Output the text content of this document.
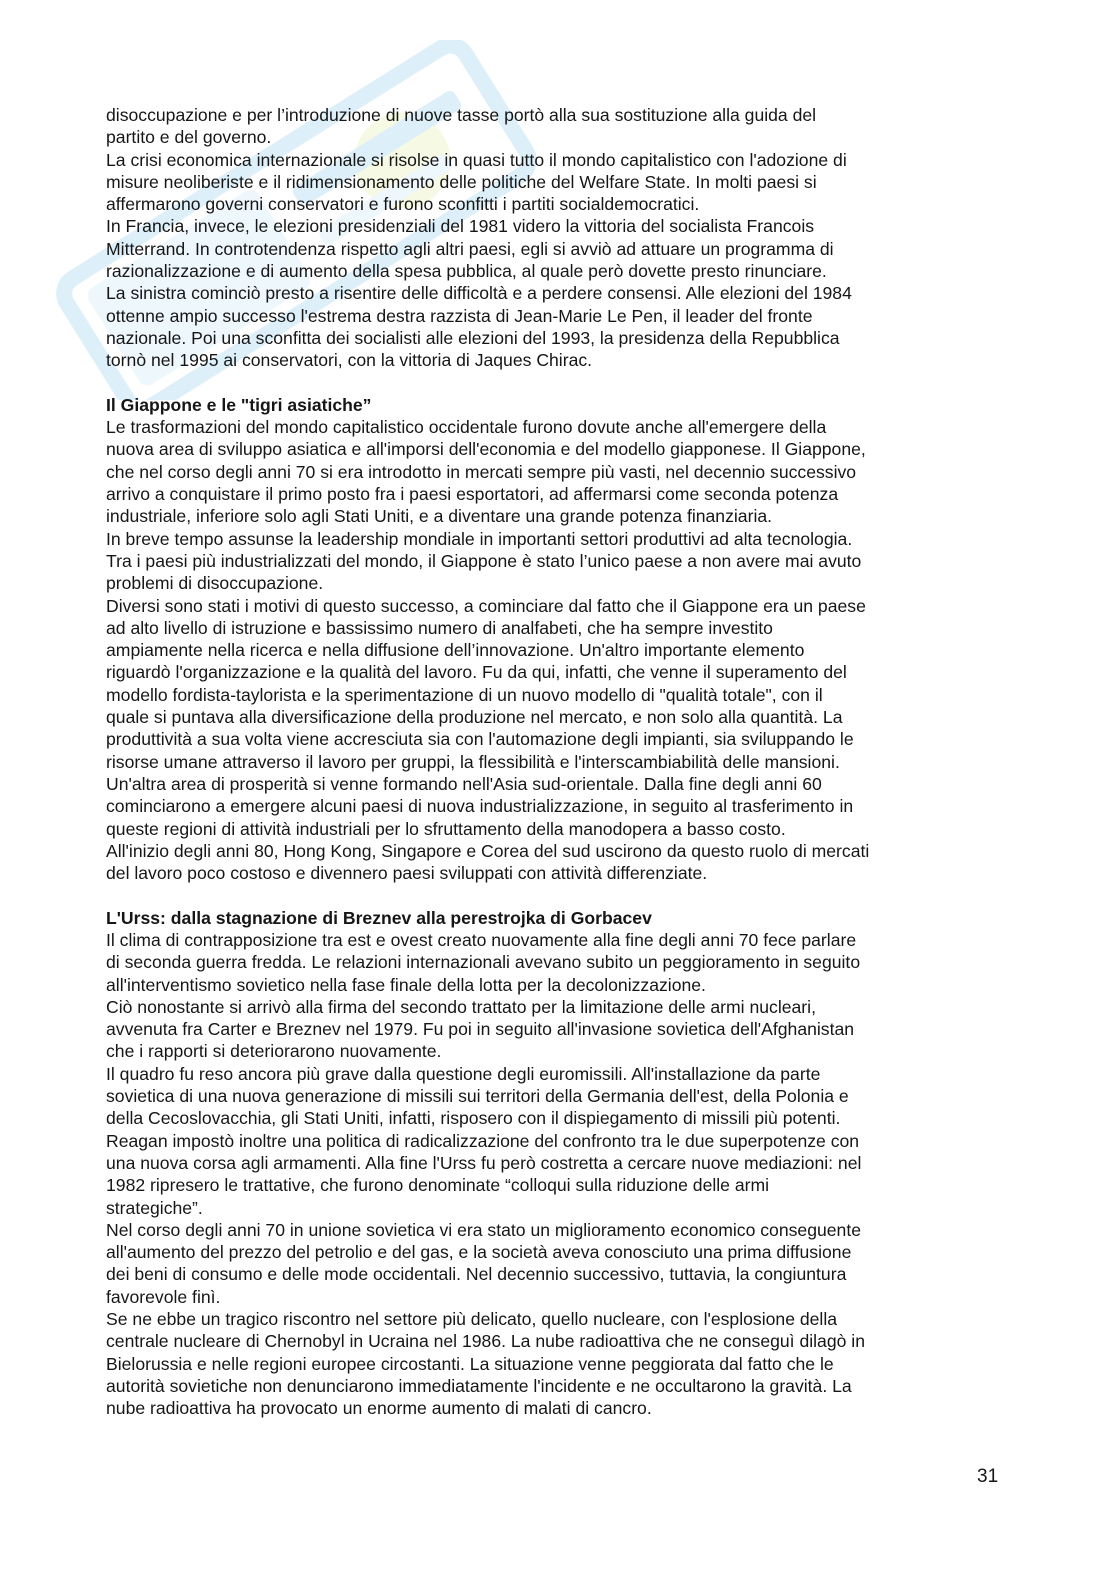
disoccupazione e per l’introduzione di nuove tasse portò alla sua sostituzione alla guida del
partito e del governo.
La crisi economica internazionale si risolse in quasi tutto il mondo capitalistico con l'adozione di
misure neoliberiste e il ridimensionamento delle politiche del Welfare State. In molti paesi si
affermarono governi conservatori e furono sconfitti i partiti socialdemocratici.
In Francia, invece, le elezioni presidenziali del 1981 videro la vittoria del socialista Francois
Mitterrand. In controtendenza rispetto agli altri paesi, egli si avviò ad attuare un programma di
razionalizzazione e di aumento della spesa pubblica, al quale però dovette presto rinunciare.
La sinistra cominciò presto a risentire delle difficoltà e a perdere consensi. Alle elezioni del 1984
ottenne ampio successo l'estrema destra razzista di Jean-Marie Le Pen, il leader del fronte
nazionale. Poi una sconfitta dei socialisti alle elezioni del 1993, la presidenza della Repubblica
tornò nel 1995 ai conservatori, con la vittoria di Jaques Chirac.
Il Giappone e le "tigri asiatiche”
Le trasformazioni del mondo capitalistico occidentale furono dovute anche all'emergere della
nuova area di sviluppo asiatica e all'imporsi dell'economia e del modello giapponese. Il Giappone,
che nel corso degli anni 70 si era introdotto in mercati sempre più vasti, nel decennio successivo
arrivo a conquistare il primo posto fra i paesi esportatori, ad affermarsi come seconda potenza
industriale, inferiore solo agli Stati Uniti, e a diventare una grande potenza finanziaria.
In breve tempo assunse la leadership mondiale in importanti settori produttivi ad alta tecnologia.
Tra i paesi più industrializzati del mondo, il Giappone è stato l’unico paese a non avere mai avuto
problemi di disoccupazione.
Diversi sono stati i motivi di questo successo, a cominciare dal fatto che il Giappone era un paese
ad alto livello di istruzione e bassissimo numero di analfabeti, che ha sempre investito
ampiamente nella ricerca e nella diffusione dell’innovazione. Un'altro importante elemento
riguardò l'organizzazione e la qualità del lavoro. Fu da qui, infatti, che venne il superamento del
modello fordista-taylorista e la sperimentazione di un nuovo modello di "qualità totale", con il
quale si puntava alla diversificazione della produzione nel mercato, e non solo alla quantità. La
produttività a sua volta viene accresciuta sia con l'automazione degli impianti, sia sviluppando le
risorse umane attraverso il lavoro per gruppi, la flessibilità e l'interscambiabilità delle mansioni.
Un'altra area di prosperità si venne formando nell'Asia sud-orientale. Dalla fine degli anni 60
cominciarono a emergere alcuni paesi di nuova industrializzazione, in seguito al trasferimento in
queste regioni di attività industriali per lo sfruttamento della manodopera a basso costo.
All'inizio degli anni 80, Hong Kong, Singapore e Corea del sud uscirono da questo ruolo di mercati
del lavoro poco costoso e divennero paesi sviluppati con attività differenziate.
L'Urss: dalla stagnazione di Breznev alla perestrojka di Gorbacev
Il clima di contrapposizione tra est e ovest creato nuovamente alla fine degli anni 70 fece parlare
di seconda guerra fredda. Le relazioni internazionali avevano subito un peggioramento in seguito
all'interventismo sovietico nella fase finale della lotta per la decolonizzazione.
Ciò nonostante si arrivò alla firma del secondo trattato per la limitazione delle armi nucleari,
avvenuta fra Carter e Breznev nel 1979. Fu poi in seguito all'invasione sovietica dell'Afghanistan
che i rapporti si deteriorarono nuovamente.
Il quadro fu reso ancora più grave dalla questione degli euromissili. All'installazione da parte
sovietica di una nuova generazione di missili sui territori della Germania dell'est, della Polonia e
della Cecoslovacchia, gli Stati Uniti, infatti, risposero con il dispiegamento di missili più potenti.
Reagan impostò inoltre una politica di radicalizzazione del confronto tra le due superpotenze con
una nuova corsa agli armamenti. Alla fine l'Urss fu però costretta a cercare nuove mediazioni: nel
1982 ripresero le trattative, che furono denominate “colloqui sulla riduzione delle armi
strategiche”.
Nel corso degli anni 70 in unione sovietica vi era stato un miglioramento economico conseguente
all'aumento del prezzo del petrolio e del gas, e la società aveva conosciuto una prima diffusione
dei beni di consumo e delle mode occidentali. Nel decennio successivo, tuttavia, la congiuntura
favorevole finì.
Se ne ebbe un tragico riscontro nel settore più delicato, quello nucleare, con l'esplosione della
centrale nucleare di Chernobyl in Ucraina nel 1986. La nube radioattiva che ne conseguì dilagò in
Bielorussia e nelle regioni europee circostanti. La situazione venne peggiorata dal fatto che le
autorità sovietiche non denunciarono immediatamente l'incidente e ne occultarono la gravità. La
nube radioattiva ha provocato un enorme aumento di malati di cancro.
31
